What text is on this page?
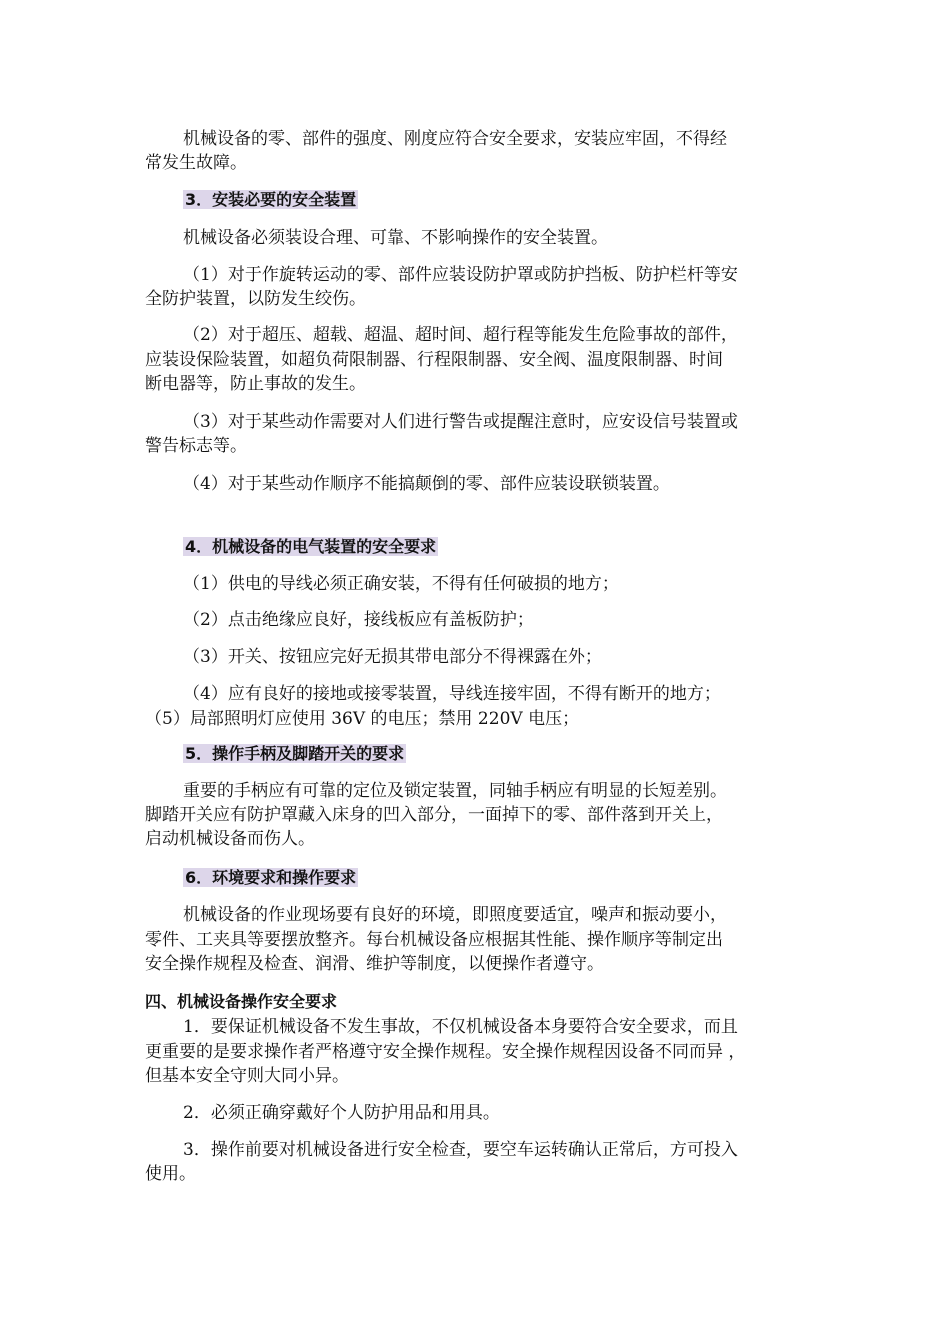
机械设备的零、部件的强度、刚度应符合安全要求，安装应牢固，不得经

常发生故障。

3．安装必要的安全装置

机械设备必须装设合理、可靠、不影响操作的安全装置。

（1）对于作旋转运动的零、部件应装设防护罩或防护挡板、防护栏杆等安

全防护装置，以防发生绞伤。

（2）对于超压、超载、超温、超时间、超行程等能发生危险事故的部件，

应装设保险装置，如超负荷限制器、行程限制器、安全阀、温度限制器、时间

断电器等，防止事故的发生。

（3）对于某些动作需要对人们进行警告或提醒注意时，应安设信号装置或

警告标志等。

（4）对于某些动作顺序不能搞颠倒的零、部件应装设联锁装置。

4．机械设备的电气装置的安全要求

（1）供电的导线必须正确安装，不得有任何破损的地方；

（2）点击绝缘应良好，接线板应有盖板防护；

（3）开关、按钮应完好无损其带电部分不得裸露在外；

（4）应有良好的接地或接零装置，导线连接牢固，不得有断开的地方；

（5）局部照明灯应使用 36V 的电压；禁用 220V 电压；

5．操作手柄及脚踏开关的要求

重要的手柄应有可靠的定位及锁定装置，同轴手柄应有明显的长短差别。

脚踏开关应有防护罩藏入床身的凹入部分，一面掉下的零、部件落到开关上，

启动机械设备而伤人。

6．环境要求和操作要求

机械设备的作业现场要有良好的环境，即照度要适宜，噪声和振动要小，

零件、工夹具等要摆放整齐。每台机械设备应根据其性能、操作顺序等制定出

安全操作规程及检查、润滑、维护等制度，以便操作者遵守。

四、机械设备操作安全要求

1．要保证机械设备不发生事故，不仅机械设备本身要符合安全要求，而且

更重要的是要求操作者严格遵守安全操作规程。安全操作规程因设备不同而异 ，

但基本安全守则大同小异。

2．必须正确穿戴好个人防护用品和用具。

3．操作前要对机械设备进行安全检查，要空车运转确认正常后，方可投入

使用。
